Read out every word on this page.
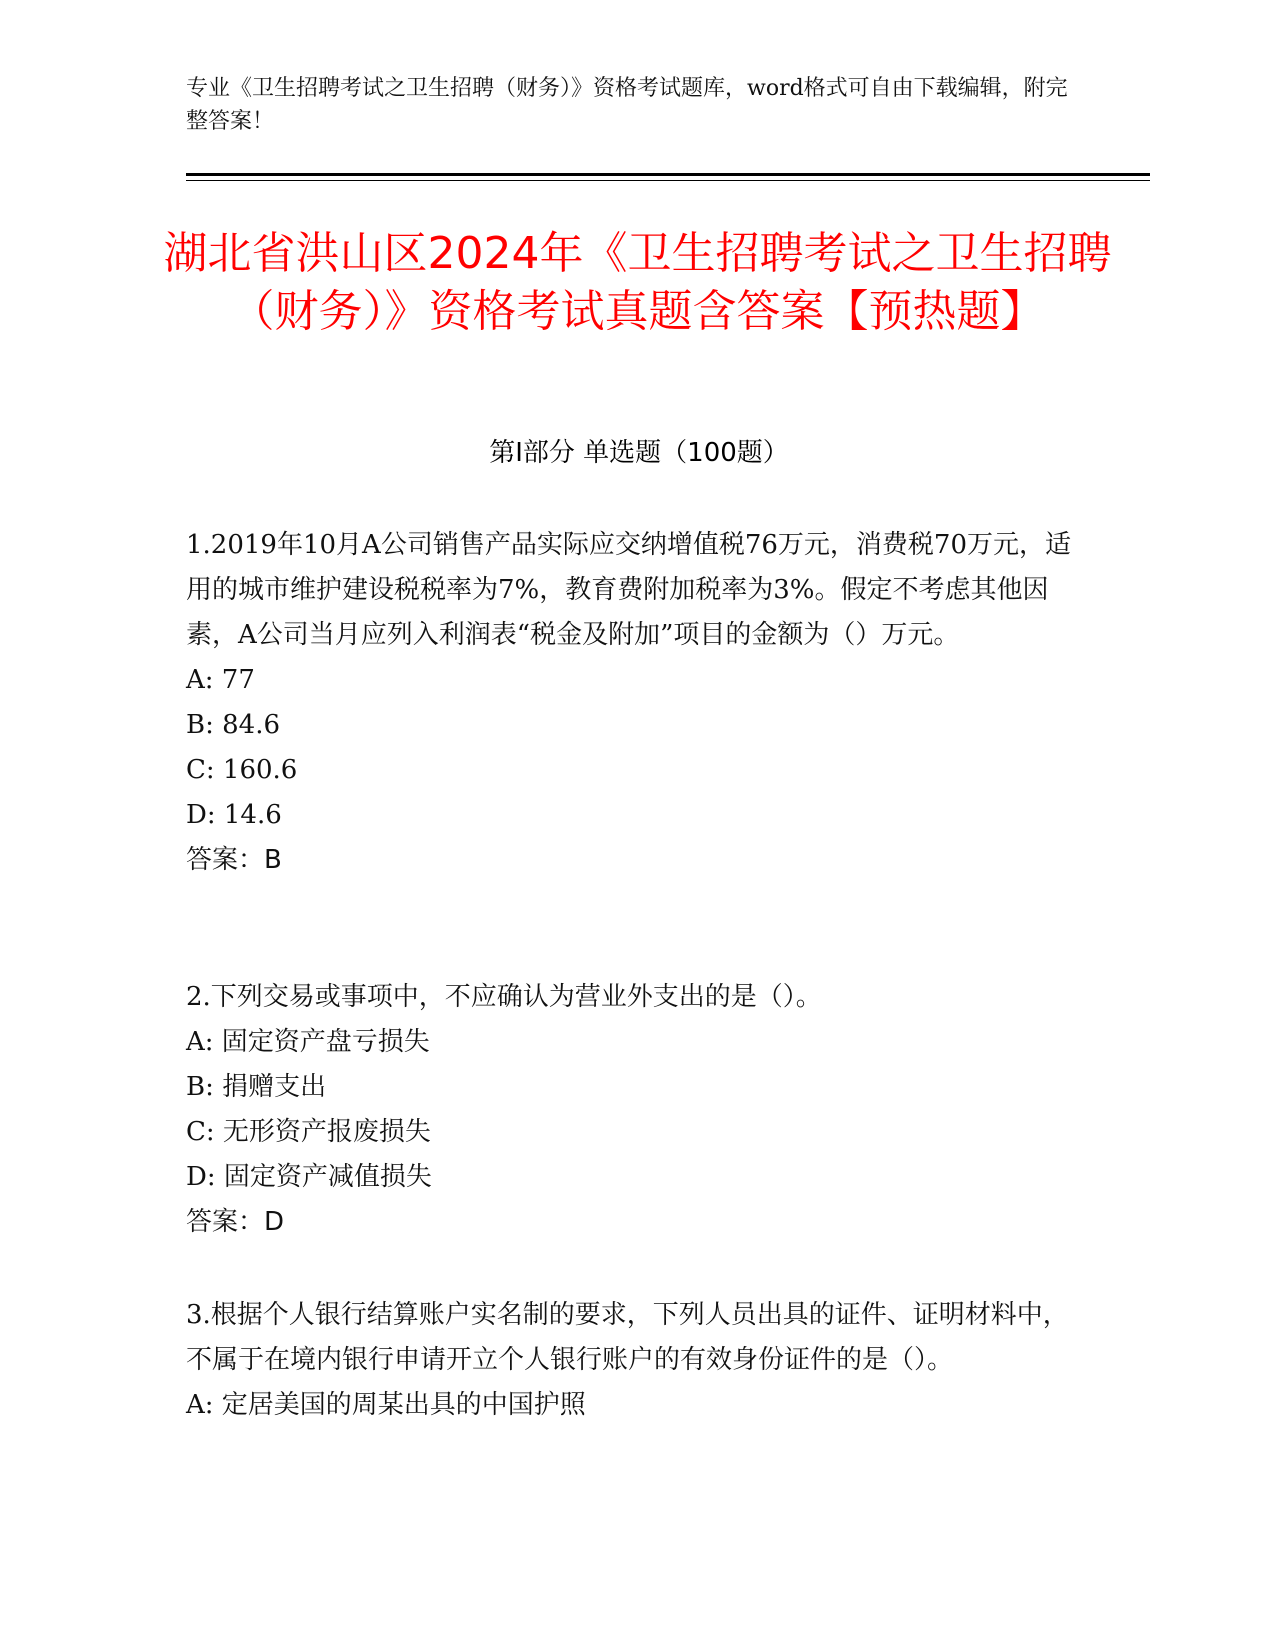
专业《卫生招聘考试之卫生招聘（财务）》资格考试题库，word格式可自由下载编辑，附完整答案！
湖北省洪山区2024年《卫生招聘考试之卫生招聘（财务）》资格考试真题含答案【预热题】
第I部分 单选题（100题）
1.2019年10月A公司销售产品实际应交纳增值税76万元，消费税70万元，适用的城市维护建设税税率为7%，教育费附加税率为3%。假定不考虑其他因素，A公司当月应列入利润表“税金及附加”项目的金额为（）万元。
A: 77
B: 84.6
C: 160.6
D: 14.6
答案：B
2.下列交易或事项中，不应确认为营业外支出的是（）。
A: 固定资产盘亏损失
B: 捐赠支出
C: 无形资产报废损失
D: 固定资产减值损失
答案：D
3.根据个人银行结算账户实名制的要求，下列人员出具的证件、证明材料中，不属于在境内银行申请开立个人银行账户的有效身份证件的是（）。
A: 定居美国的周某出具的中国护照
